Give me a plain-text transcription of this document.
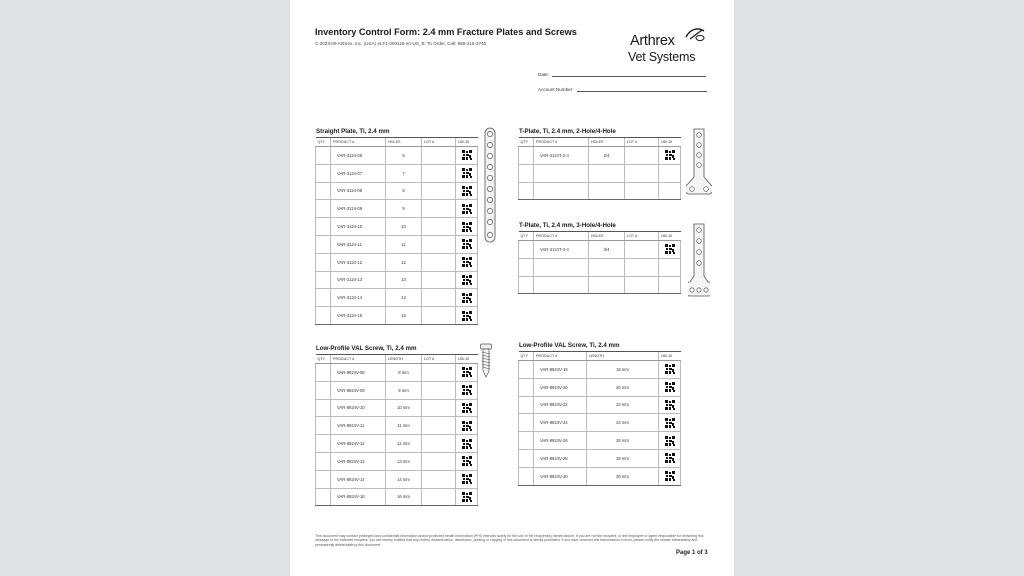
Inventory Control Form: 2.4 mm Fracture Plates and Screws
© 2023-09 Arthrex, Inc. (USA) eLF1-000118-en-US_B; To Order, Call: 888-215-3740	Arthrex
Vet Systems
Date:
Account Number:
Straight Plate, Ti, 2.4 mm
QTY	PRODUCT #	HOLES	LOT #	UDI-DI
	VAR-3124-06	6		

	VAR-3124-07	7		

	VAR-3124-08	8		

	VAR-3124-09	9		

	VAR-3124-10	10		

	VAR-3124-11	11		

	VAR-3124-12	12		

	VAR-3124-13	13		

	VAR-3124-14	14		

	VAR-3124-15	15		
T-Plate, Ti, 2.4 mm, 2-Hole/4-Hole
QTY	PRODUCT #	HOLES	LOT #	UDI-DI
	VAR-3124T-2-4	2/4		

T-Plate, Ti, 2.4 mm, 3-Hole/4-Hole
QTY	PRODUCT #	HOLES	LOT #	UDI-DI
	VAR-3124T-3-4	3/4		

Low-Profile VAL Screw, Ti, 2.4 mm
QTY	PRODUCT #	LENGTH	LOT #	UDI-DI
	VAR-8924V-08	8 mm		

	VAR-8924V-09	9 mm		

	VAR-8924V-10	10 mm		

	VAR-8924V-11	11 mm		

	VAR-8924V-12	12 mm		

	VAR-8924V-13	13 mm		

	VAR-8924V-14	14 mm		

	VAR-8924V-16	16 mm		
Low-Profile VAL Screw, Ti, 2.4 mm
QTY	PRODUCT #	LENGTH	UDI-DI
	VAR-8924V-18	18 mm	

	VAR-8924V-20	20 mm	

	VAR-8924V-22	22 mm	

	VAR-8924V-24	24 mm	

	VAR-8924V-26	26 mm	

	VAR-8924V-28	28 mm	

	VAR-8924V-30	30 mm	
This document may contain privileged and confidential information and/or protected health information (PHI) intended solely for the use of the recipient(s) named above. If you are not the recipient, or the employee or agent responsible for delivering this message to the intended recipient, you are hereby notified that any review, dissemination, distribution, printing or copying of this document is strictly prohibited. If you have received this transmission in error, please notify the sender immediately and permanently delete/destroy this document.
Page 1 of 3
